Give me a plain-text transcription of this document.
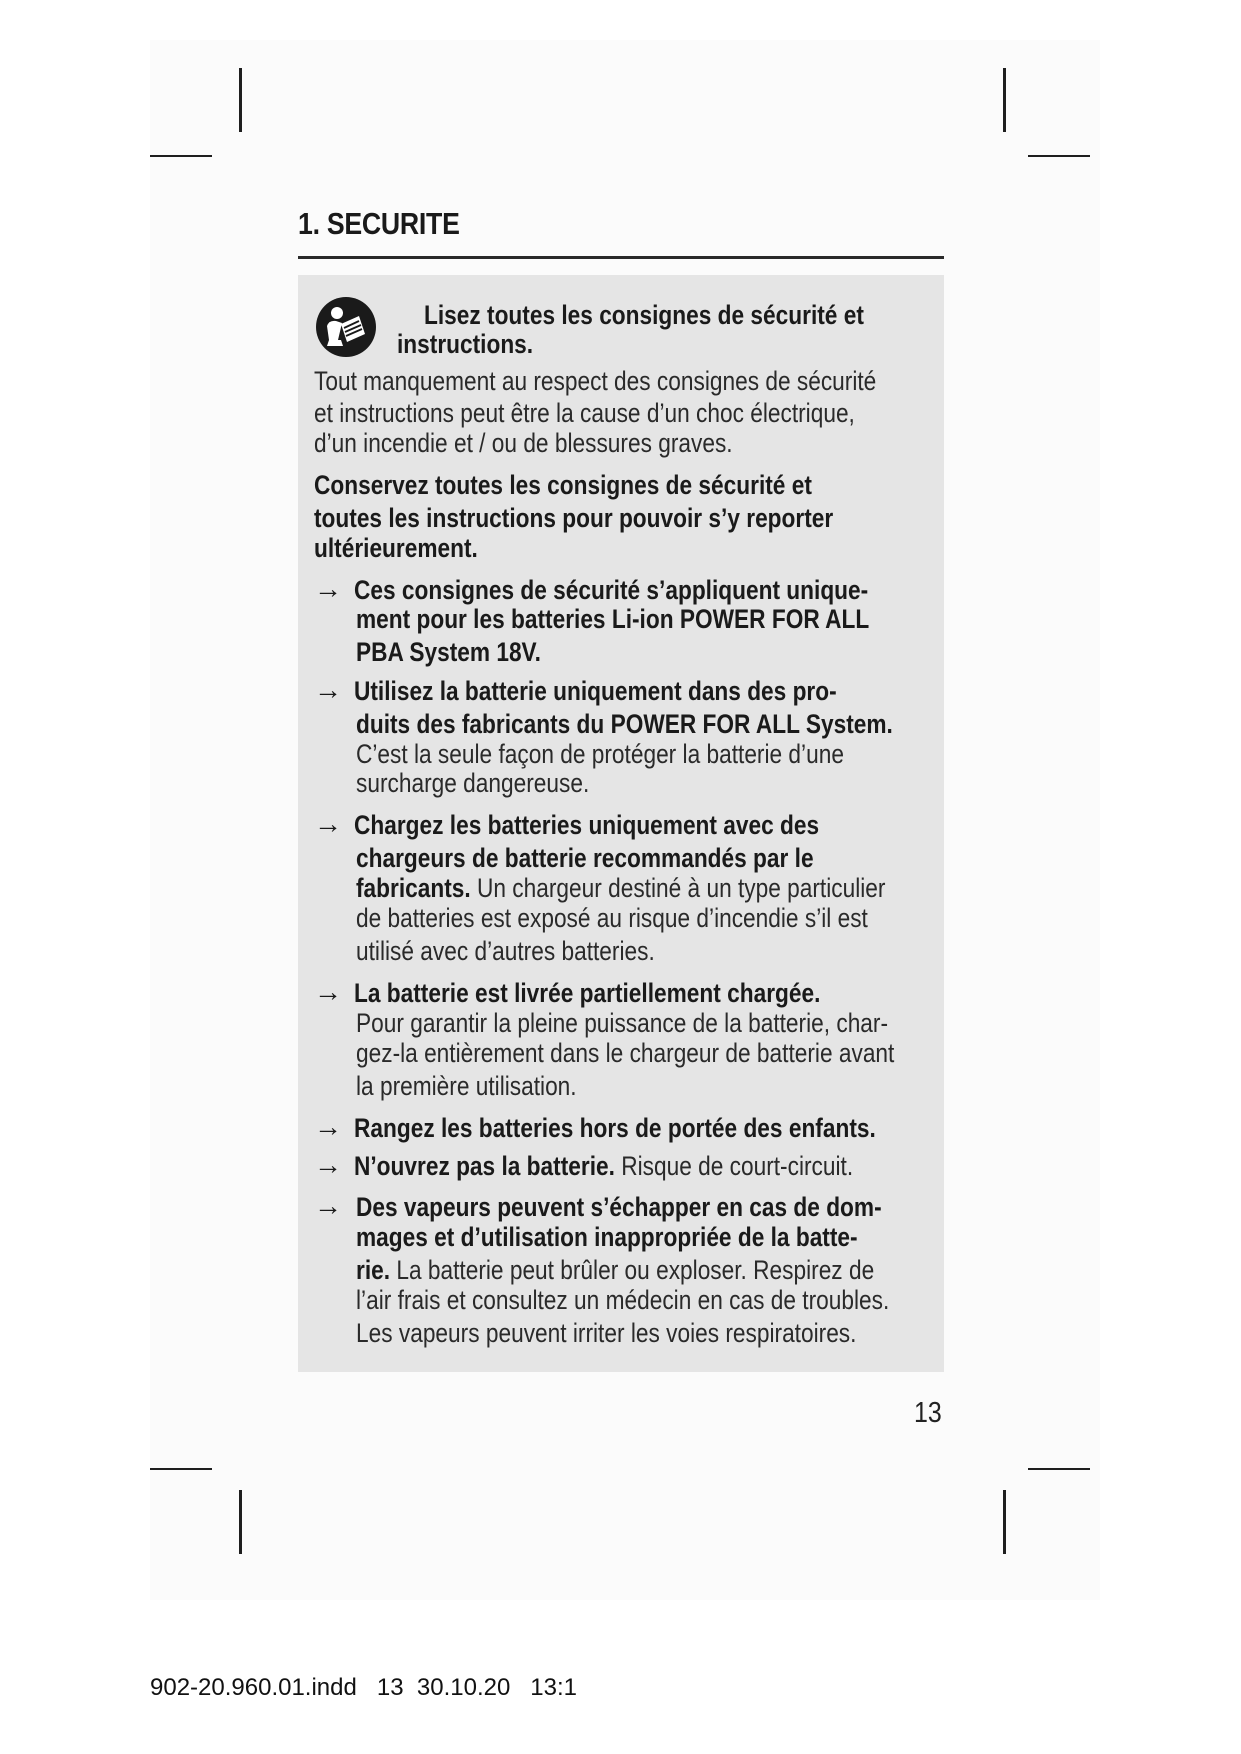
1. SECURITE

Lisez toutes les consignes de sécurité et

instructions.

Tout manquement au respect des consignes de sécurité

et instructions peut être la cause d’un choc électrique,

d’un incendie et / ou de blessures graves.

Conservez toutes les consignes de sécurité et

toutes les instructions pour pouvoir s’y reporter

ultérieurement.

→ Ces consignes de sécurité s’appliquent unique-

ment pour les batteries Li-ion POWER FOR ALL

PBA System 18V.

→ Utilisez la batterie uniquement dans des pro-

duits des fabricants du POWER FOR ALL System.

C’est la seule façon de protéger la batterie d’une

surcharge dangereuse.

→ Chargez les batteries uniquement avec des

chargeurs de batterie recommandés par le

fabricants. Un chargeur destiné à un type particulier

de batteries est exposé au risque d’incendie s’il est

utilisé avec d’autres batteries.

→ La batterie est livrée partiellement chargée.

Pour garantir la pleine puissance de la batterie, char-

gez-la entièrement dans le chargeur de batterie avant

la première utilisation.

→ Rangez les batteries hors de portée des enfants.

→ N’ouvrez pas la batterie. Risque de court-circuit.

→ Des vapeurs peuvent s’échapper en cas de dom-

mages et d’utilisation inappropriée de la batte-

rie. La batterie peut brûler ou exploser. Respirez de

l’air frais et consultez un médecin en cas de troubles.

Les vapeurs peuvent irriter les voies respiratoires.

13
902-20.960.01.indd   13  30.10.20   13:1
